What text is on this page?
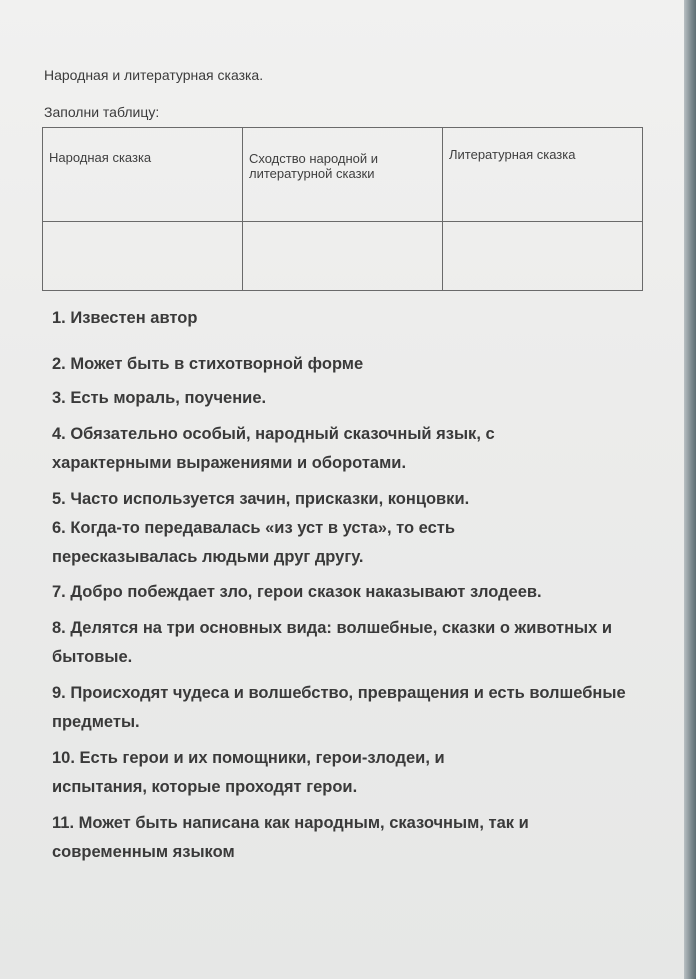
Народная и литературная сказка.

Заполни таблицу:

Народная сказка	Сходство народной и литературной сказки	Литературная сказка

1. Известен автор
2. Может быть в стихотворной форме
3. Есть мораль, поучение.
4. Обязательно особый, народный сказочный язык, с характерными выражениями и оборотами.
5. Часто используется зачин, присказки, концовки.
6. Когда-то передавалась «из уст в уста», то есть пересказывалась людьми друг другу.
7. Добро побеждает зло, герои сказок наказывают злодеев.
8. Делятся на три основных вида: волшебные, сказки о животных и бытовые.
9. Происходят чудеса и волшебство, превращения и есть волшебные предметы.
10. Есть герои и их помощники, герои-злодеи, и испытания, которые проходят герои.
11. Может быть написана как народным, сказочным, так и современным языком
